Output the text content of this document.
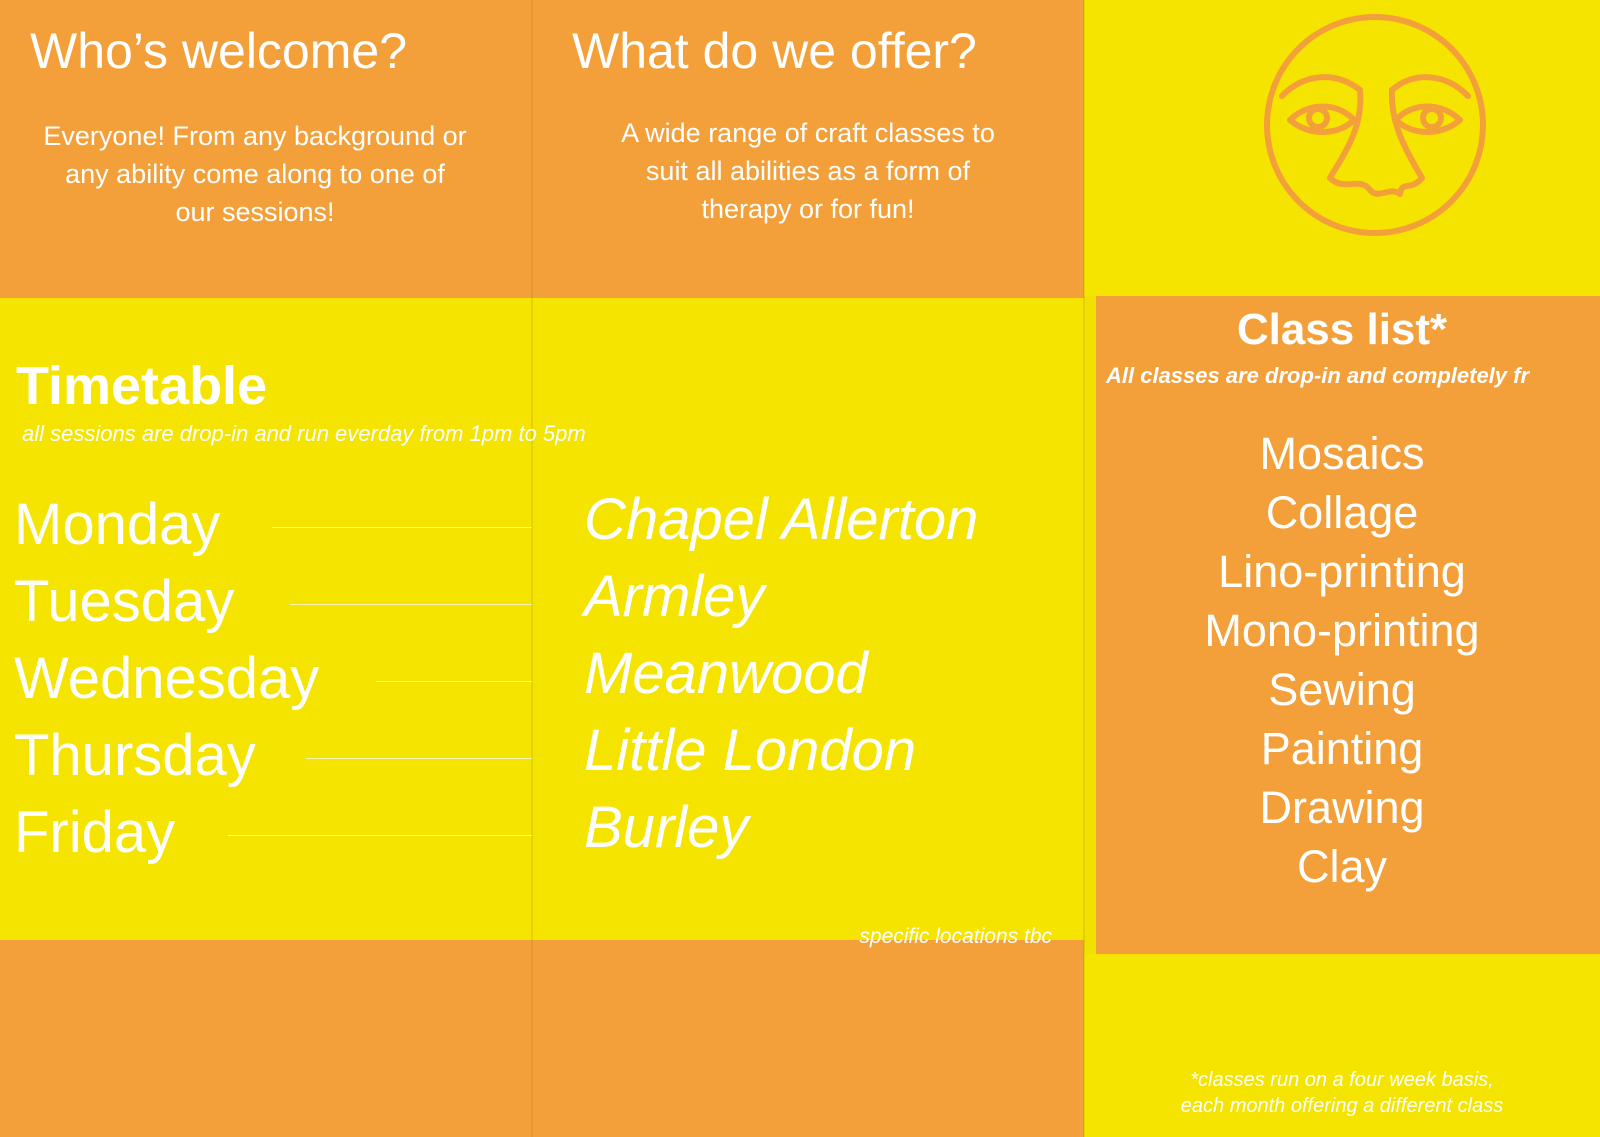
Who’s welcome?
Everyone! From any background or
any ability come along to one of
our sessions!
What do we offer?
A wide range of craft classes to
suit all abilities as a form of
therapy or for fun!
Timetable
all sessions are drop-in and run everday from 1pm to 5pm
Monday
Tuesday
Wednesday
Thursday
Friday
Chapel Allerton
Armley
Meanwood
Little London
Burley
specific locations tbc
Class list*
All classes are drop-in and completely fr
Mosaics
Collage
Lino-printing
Mono-printing
Sewing
Painting
Drawing
Clay
*classes run on a four week basis,
each month offering a different class
